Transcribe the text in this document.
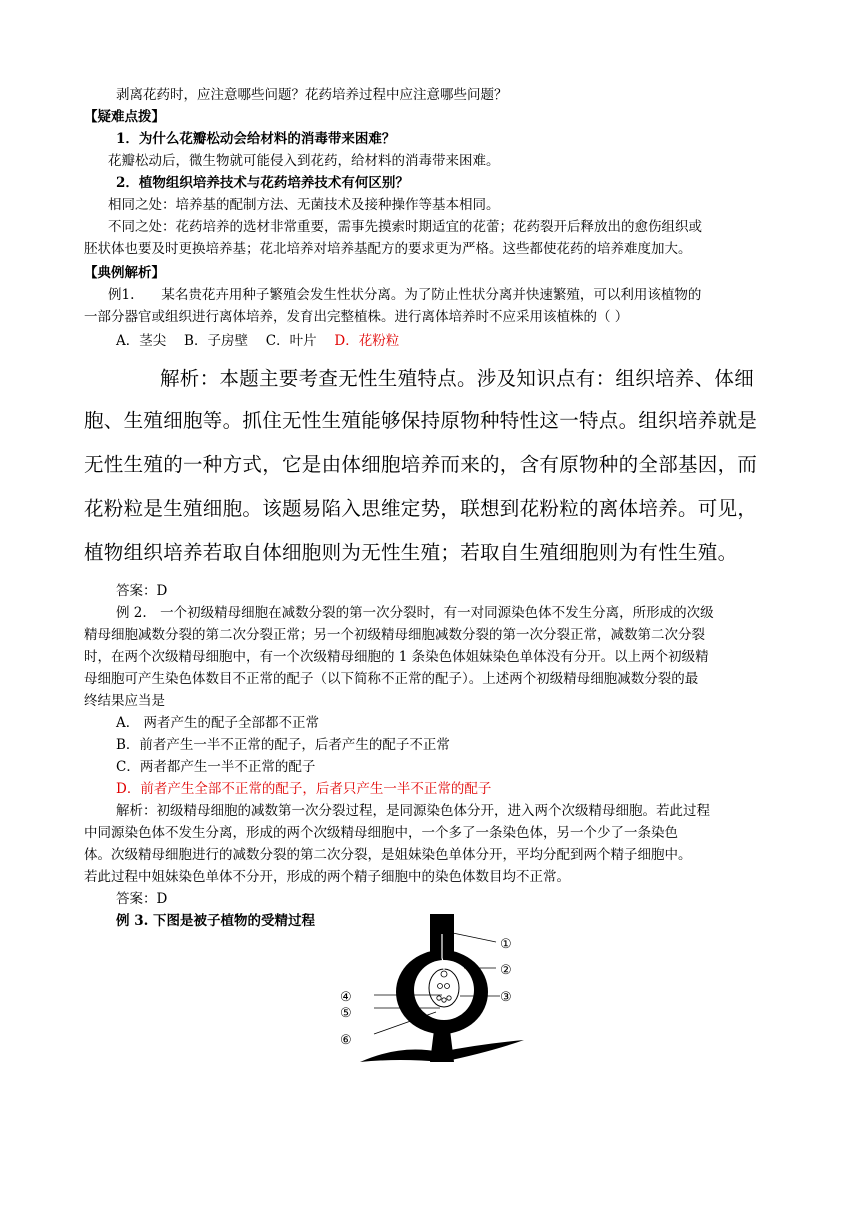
剥离花药时，应注意哪些问题？花药培养过程中应注意哪些问题？
【疑难点拨】
1．为什么花瓣松动会给材料的消毒带来困难？
花瓣松动后，微生物就可能侵入到花药，给材料的消毒带来困难。
2．植物组织培养技术与花药培养技术有何区别？
相同之处：培养基的配制方法、无菌技术及接种操作等基本相同。
不同之处：花药培养的选材非常重要，需事先摸索时期适宜的花蕾；花药裂开后释放出的愈伤组织或
胚状体也要及时更换培养基；花北培养对培养基配方的要求更为严格。这些都使花药的培养难度加大。
【典例解析】
例1.　　某名贵花卉用种子繁殖会发生性状分离。为了防止性状分离并快速繁殖，可以利用该植物的
一部分器官或组织进行离体培养，发育出完整植株。进行离体培养时不应采用该植株的（ ）
A．茎尖　 B．子房壁　 C．叶片　 D．花粉粒
解析：本题主要考查无性生殖特点。涉及知识点有：组织培养、体细
胞、生殖细胞等。抓住无性生殖能够保持原物种特性这一特点。组织培养就是
无性生殖的一种方式，它是由体细胞培养而来的，含有原物种的全部基因，而
花粉粒是生殖细胞。该题易陷入思维定势，联想到花粉粒的离体培养。可见，
植物组织培养若取自体细胞则为无性生殖；若取自生殖细胞则为有性生殖。
答案：D
例 2.　一个初级精母细胞在减数分裂的第一次分裂时，有一对同源染色体不发生分离，所形成的次级
精母细胞减数分裂的第二次分裂正常；另一个初级精母细胞减数分裂的第一次分裂正常，减数第二次分裂
时，在两个次级精母细胞中，有一个次级精母细胞的 1 条染色体姐妹染色单体没有分开。以上两个初级精
母细胞可产生染色体数目不正常的配子（以下简称不正常的配子）。上述两个初级精母细胞减数分裂的最
终结果应当是
A． 两者产生的配子全部都不正常
B．前者产生一半不正常的配子，后者产生的配子不正常
C．两者都产生一半不正常的配子
D．前者产生全部不正常的配子，后者只产生一半不正常的配子
解析：初级精母细胞的减数第一次分裂过程，是同源染色体分开，进入两个次级精母细胞。若此过程
中同源染色体不发生分离，形成的两个次级精母细胞中，一个多了一条染色体，另一个少了一条染色
体。次级精母细胞进行的减数分裂的第二次分裂，是姐妹染色单体分开，平均分配到两个精子细胞中。
若此过程中姐妹染色单体不分开，形成的两个精子细胞中的染色体数目均不正常。
答案：D
例 3. 下图是被子植物的受精过程
①
②
③
④
⑤
⑥
